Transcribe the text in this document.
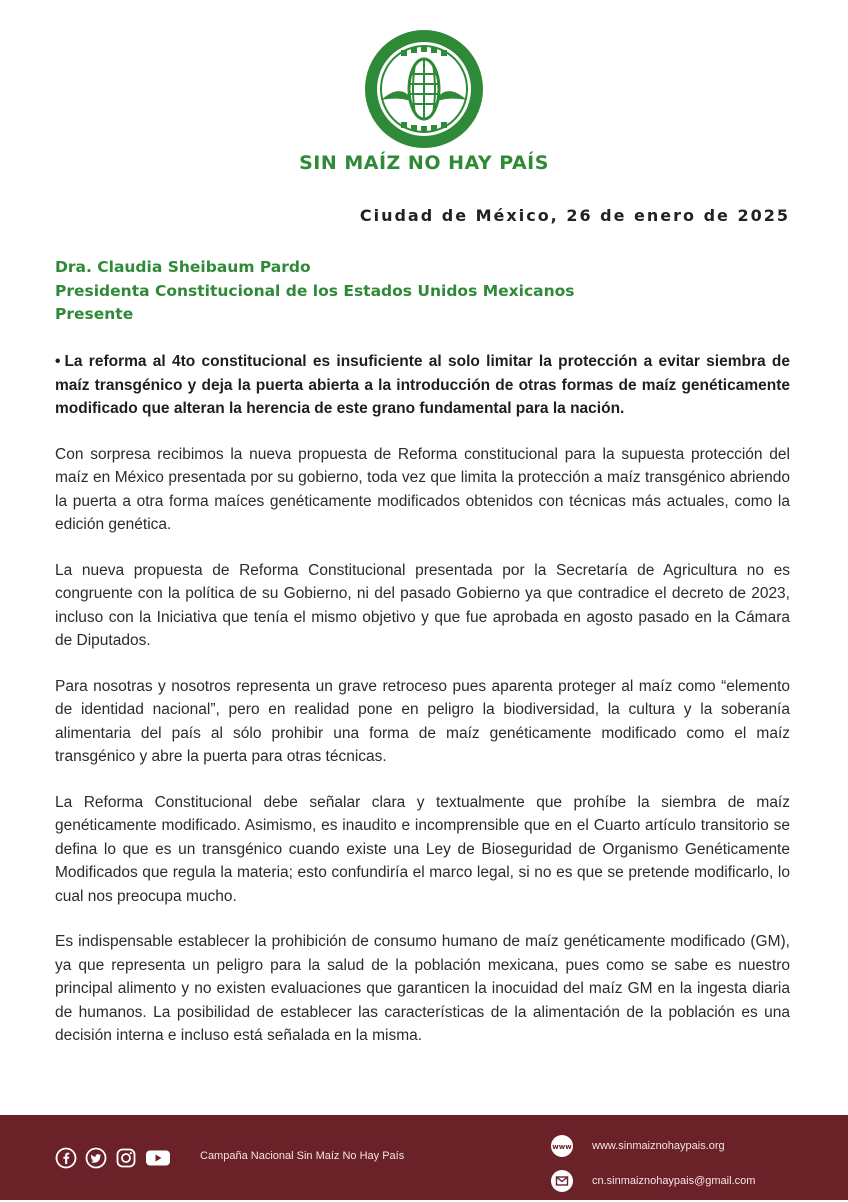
SIN MAÍZ NO HAY PAÍS
Ciudad de México, 26 de enero de 2025
Dra. Claudia Sheibaum Pardo
Presidenta Constitucional de los Estados Unidos Mexicanos
Presente

• La reforma al 4to constitucional es insuficiente al solo limitar la protección a evitar siembra de maíz transgénico y deja la puerta abierta a la introducción de otras formas de maíz genéticamente modificado que alteran la herencia de este grano fundamental para la nación.

Con sorpresa recibimos la nueva propuesta de Reforma constitucional para la supuesta protección del maíz en México presentada por su gobierno, toda vez que limita la protección a maíz transgénico abriendo la puerta a otra forma maíces genéticamente modificados obtenidos con técnicas más actuales, como la edición genética.

La nueva propuesta de Reforma Constitucional presentada por la Secretaría de Agricultura no es congruente con la política de su Gobierno, ni del pasado Gobierno ya que contradice el decreto de 2023, incluso con la Iniciativa que tenía el mismo objetivo y que fue aprobada en agosto pasado en la Cámara de Diputados.

Para nosotras y nosotros representa un grave retroceso pues aparenta proteger al maíz como “elemento de identidad nacional”, pero en realidad pone en peligro la biodiversidad, la cultura y la soberanía alimentaria del país al sólo prohibir una forma de maíz genéticamente modificado como el maíz transgénico y abre la puerta para otras técnicas.

La Reforma Constitucional debe señalar clara y textualmente que prohíbe la siembra de maíz genéticamente modificado. Asimismo, es inaudito e incomprensible que en el Cuarto artículo transitorio se defina lo que es un transgénico cuando existe una Ley de Bioseguridad de Organismo Genéticamente Modificados que regula la materia; esto confundiría el marco legal, si no es que se pretende modificarlo, lo cual nos preocupa mucho.

Es indispensable establecer la prohibición de consumo humano de maíz genéticamente modificado (GM), ya que representa un peligro para la salud de la población mexicana, pues como se sabe es nuestro principal alimento y no existen evaluaciones que garanticen la inocuidad del maíz GM en la ingesta diaria de humanos. La posibilidad de establecer las características de la alimentación de la población es una decisión interna e incluso está señalada en la misma.

Campaña Nacional Sin Maíz No Hay País
www www.sinmaiznohaypais.org
cn.sinmaiznohaypais@gmail.com
